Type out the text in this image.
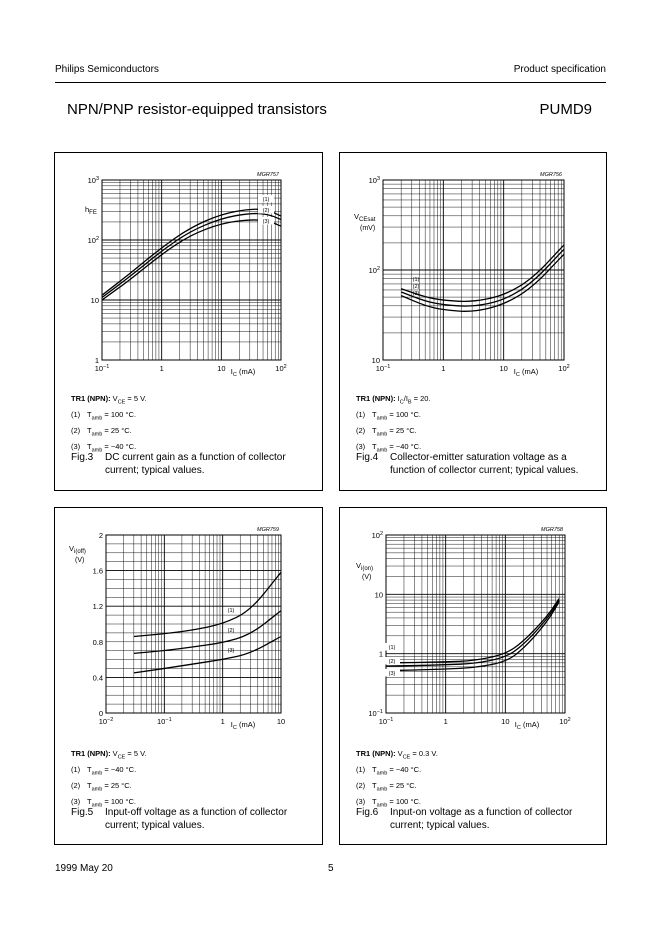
Philips Semiconductors	Product specification
NPN/PNP resistor-equipped transistors	PUMD9
(1)
(2)
(3)
MGR757
$10^{-1}$	1	10	$10^2$
$I_C$ (mA)
1
10
$10^2$
$10^3$
$h_{FE}$
TR1 (NPN): $V_{CE} = 5$ V.
(1) $T_{amb} = 100$ °C.
(2) $T_{amb} = 25$ °C.
(3) $T_{amb} = -40$ °C.
Fig.3 DC current gain as a function of collector
current; typical values.
(1)
(2)
(3)
MGR756
$10^{-1}$	1	10	$10^2$
$I_C$ (mA)
10
$10^2$
$10^3$
$V_{CEsat}$
(mV)
TR1 (NPN): $I_C/I_B = 20$.
(1) $T_{amb} = 100$ °C.
(2) $T_{amb} = 25$ °C.
(3) $T_{amb} = -40$ °C.
Fig.4 Collector-emitter saturation voltage as a
function of collector current; typical values.
(1)
(2)
(3)
MGR759
$10^{-2}$	$10^{-1}$	1	10
$I_C$ (mA)
0
0.4
0.8
1.2
1.6
2
$V_{i(off)}$
(V)
TR1 (NPN): $V_{CE} = 5$ V.
(1) $T_{amb} = -40$ °C.
(2) $T_{amb} = 25$ °C.
(3) $T_{amb} = 100$ °C.
Fig.5 Input-off voltage as a function of collector
current; typical values.
(1)
(2)
(3)
MGR758
$10^{-1}$	1	10	$10^2$
$I_C$ (mA)
$10^{-1}$
1
10
$10^2$
$V_{i(on)}$
(V)
TR1 (NPN): $V_{CE} = 0.3$ V.
(1) $T_{amb} = -40$ °C.
(2) $T_{amb} = 25$ °C.
(3) $T_{amb} = 100$ °C.
Fig.6 Input-on voltage as a function of collector
current; typical values.
1999 May 20	5
